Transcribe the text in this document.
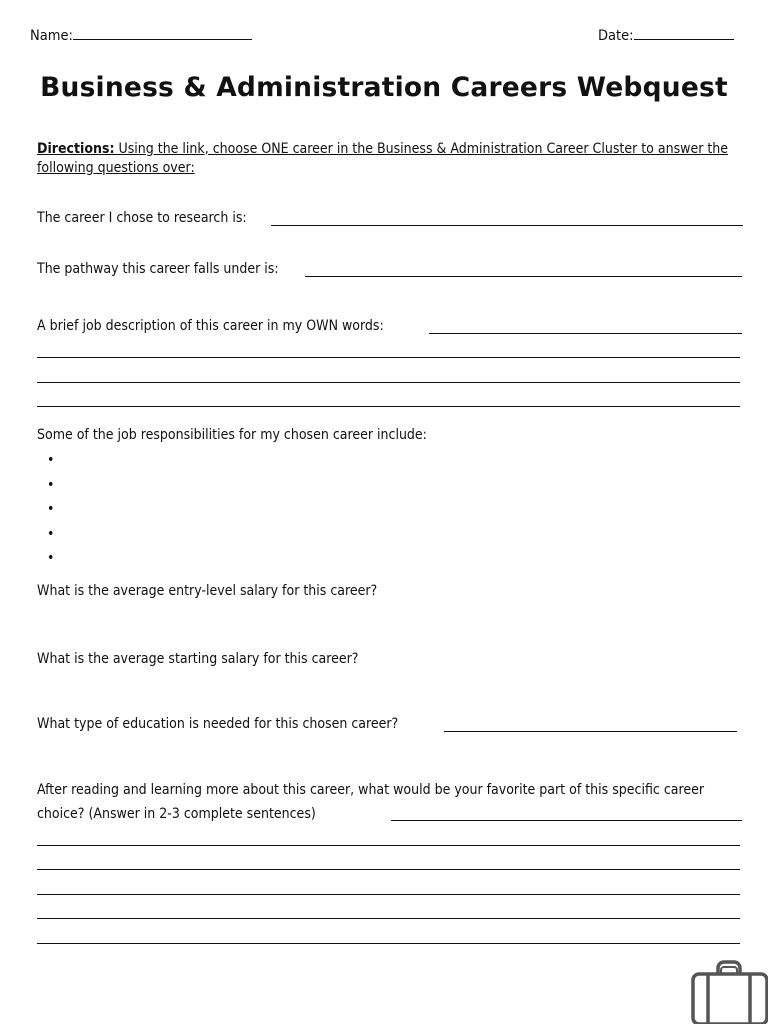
Name:	Date:
Business & Administration Careers Webquest
Directions: Using the link, choose ONE career in the Business & Administration Career Cluster to answer the following questions over:
The career I chose to research is:
The pathway this career falls under is:
A brief job description of this career in my OWN words:
Some of the job responsibilities for my chosen career include:
•
•
•
•
•
What is the average entry-level salary for this career?
What is the average starting salary for this career?
What type of education is needed for this chosen career?
After reading and learning more about this career, what would be your favorite part of this specific career choice? (Answer in 2-3 complete sentences)
